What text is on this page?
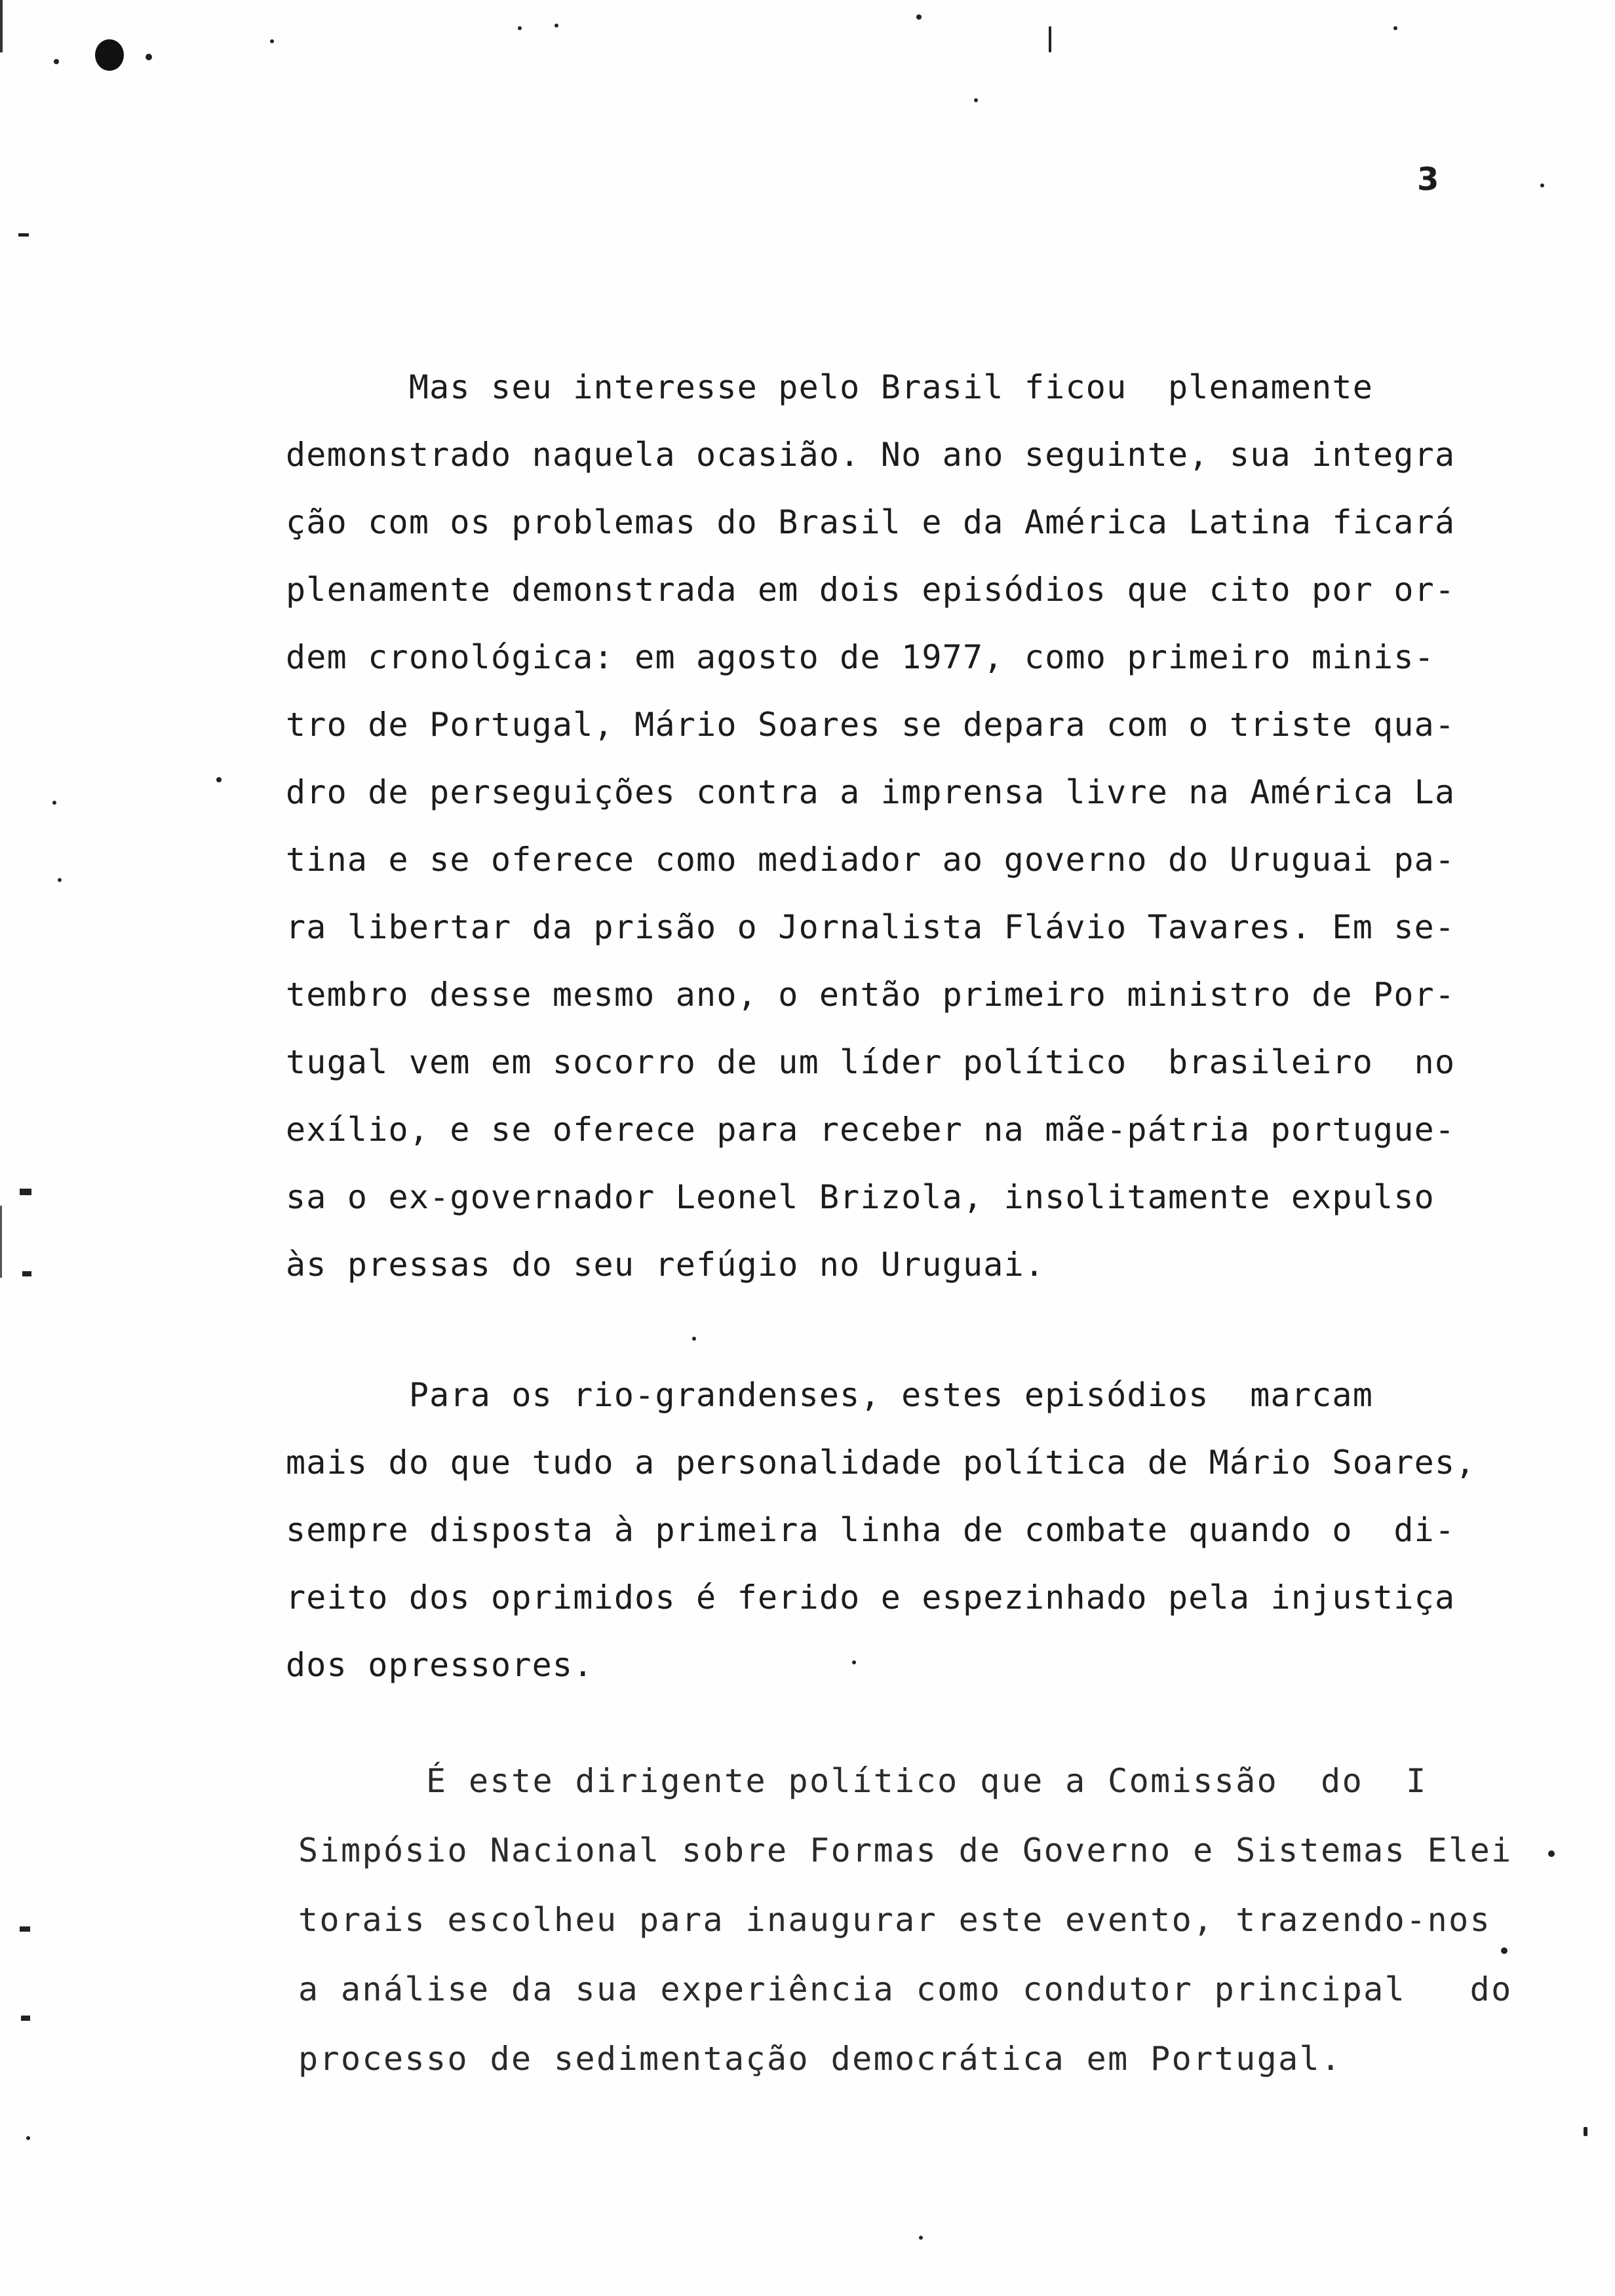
3
Mas seu interesse pelo Brasil ficou  plenamente
demonstrado naquela ocasião. No ano seguinte, sua integra
ção com os problemas do Brasil e da América Latina ficará
plenamente demonstrada em dois episódios que cito por or-
dem cronológica: em agosto de 1977, como primeiro minis-
tro de Portugal, Mário Soares se depara com o triste qua-
dro de perseguições contra a imprensa livre na América La
tina e se oferece como mediador ao governo do Uruguai pa-
ra libertar da prisão o Jornalista Flávio Tavares. Em se-
tembro desse mesmo ano, o então primeiro ministro de Por-
tugal vem em socorro de um líder político  brasileiro  no
exílio, e se oferece para receber na mãe-pátria portugue-
sa o ex-governador Leonel Brizola, insolitamente expulso
às pressas do seu refúgio no Uruguai.
Para os rio-grandenses, estes episódios  marcam
mais do que tudo a personalidade política de Mário Soares,
sempre disposta à primeira linha de combate quando o  di-
reito dos oprimidos é ferido e espezinhado pela injustiça
dos opressores.
É este dirigente político que a Comissão  do  I
Simpósio Nacional sobre Formas de Governo e Sistemas Elei
torais escolheu para inaugurar este evento, trazendo-nos
a análise da sua experiência como condutor principal   do
processo de sedimentação democrática em Portugal.
